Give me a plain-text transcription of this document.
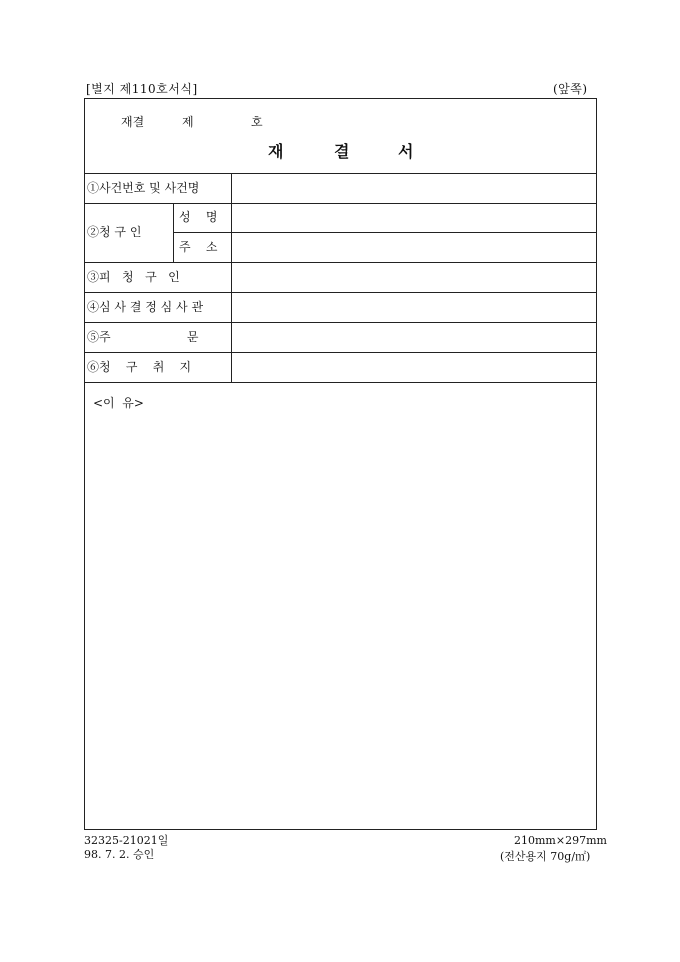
[별지 제110호서식]	(앞쪽)
재결	제	호
재	결	서
①사건번호 및 사건명
②청 구 인
성    명
주    소
③피   청   구   인
④심 사 결 정 심 사 관
⑤주                    문
⑥청    구    취    지
<이  유>
32325-21021일
98. 7. 2. 승인
210mm×297mm
(전산용지 70g/㎡)
